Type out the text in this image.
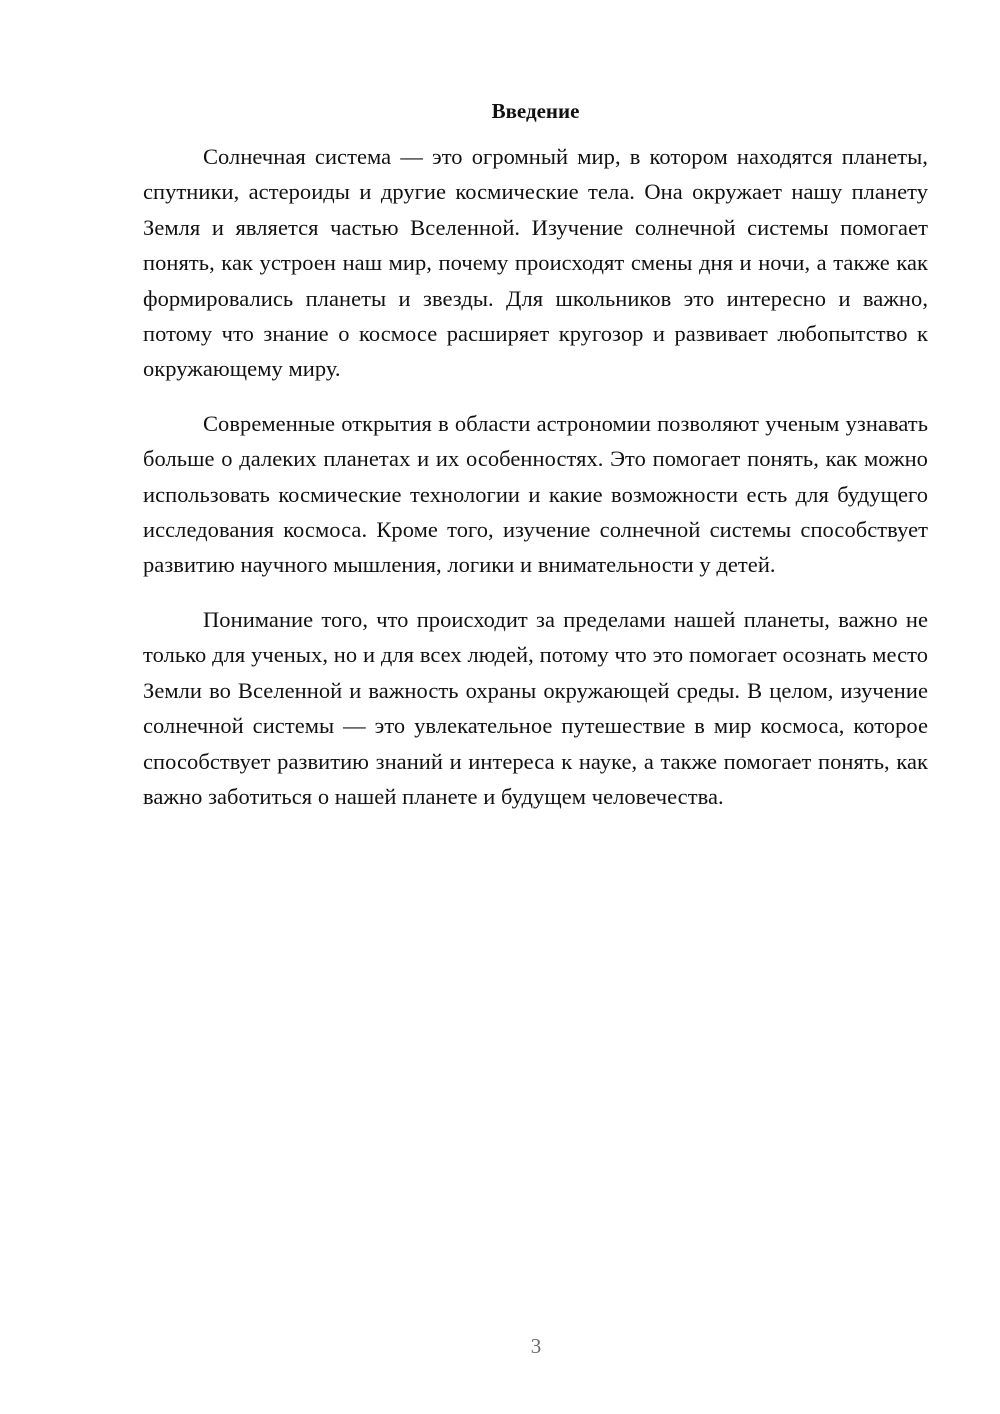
Введение

Солнечная система — это огромный мир, в котором находятся планеты, спутники, астероиды и другие космические тела. Она окружает нашу планету Земля и является частью Вселенной. Изучение солнечной системы помогает понять, как устроен наш мир, почему происходят смены дня и ночи, а также как формировались планеты и звезды. Для школьников это интересно и важно, потому что знание о космосе расширяет кругозор и развивает любопытство к окружающему миру.

Современные открытия в области астрономии позволяют ученым узнавать больше о далеких планетах и их особенностях. Это помогает понять, как можно использовать космические технологии и какие возможности есть для будущего исследования космоса. Кроме того, изучение солнечной системы способствует развитию научного мышления, логики и внимательности у детей.

Понимание того, что происходит за пределами нашей планеты, важно не только для ученых, но и для всех людей, потому что это помогает осознать место Земли во Вселенной и важность охраны окружающей среды. В целом, изучение солнечной системы — это увлекательное путешествие в мир космоса, которое способствует развитию знаний и интереса к науке, а также помогает понять, как важно заботиться о нашей планете и будущем человечества.

3
